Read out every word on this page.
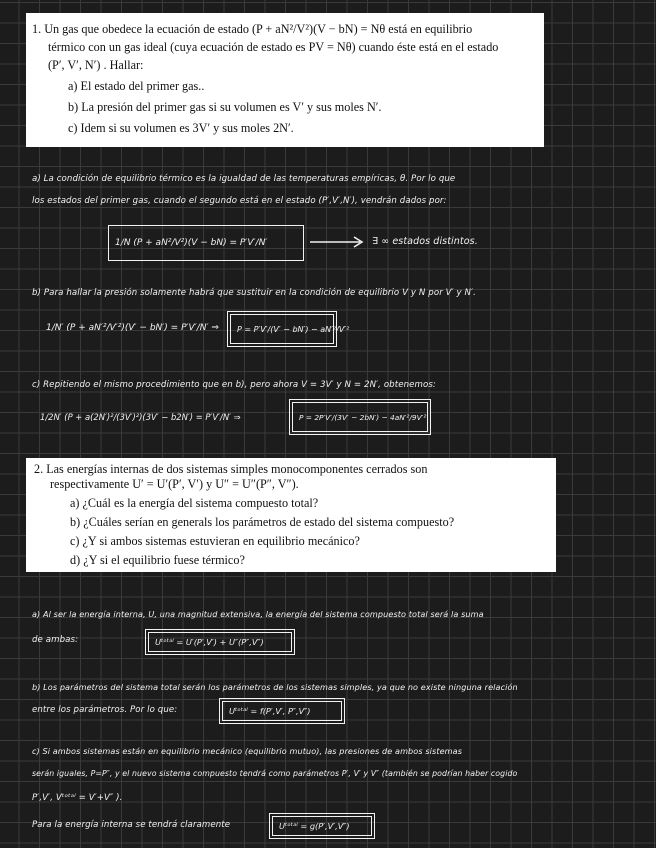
1. Un gas que obedece la ecuación de estado (P + aN²/V²)(V − bN) = Nθ está en equilibrio
térmico con un gas ideal (cuya ecuación de estado es PV = Nθ) cuando éste está en el estado
(P′, V′, N′) . Hallar:
a) El estado del primer gas..
b) La presión del primer gas si su volumen es V′ y sus moles N′.
c) Idem si su volumen es 3V′ y sus moles 2N′.
a) La condición de equilibrio térmico es la igualdad de las temperaturas empíricas, θ. Por lo que
los estados del primer gas, cuando el segundo está en el estado (P′,V′,N′), vendrán dados por:
1/N (P + aN²/V²)(V − bN) = P′V′/N′	∃ ∞ estados distintos.
b) Para hallar la presión solamente habrá que sustituir en la condición de equilibrio V y N por V′ y N′.
1/N′ (P + aN′²/V′²)(V′ − bN′) = P′V′/N′ ⇒ P = P′V′/(V′ − bN′) − aN′²/V′²
c) Repitiendo el mismo procedimiento que en b), pero ahora V = 3V′ y N = 2N′, obtenemos:
1/2N′ (P + a(2N′)²/(3V′)²)(3V′ − b2N′) = P′V′/N′ ⇒	P = 2P′V′/(3V′ − 2bN′) − 4aN′²/9V′²
2. Las energías internas de dos sistemas simples monocomponentes cerrados son
respectivamente U′ = U′(P′, V′) y U″ = U″(P″, V″).
a) ¿Cuál es la energía del sistema compuesto total?
b) ¿Cuáles serían en generals los parámetros de estado del sistema compuesto?
c) ¿Y si ambos sistemas estuvieran en equilibrio mecánico?
d) ¿Y si el equilibrio fuese térmico?
a) Al ser la energía interna, U, una magnitud extensiva, la energía del sistema compuesto total será la suma
de ambas:	Uᵗᵒᵗᵃˡ = U′(P′,V′) + U″(P″,V″)
b) Los parámetros del sistema total serán los parámetros de los sistemas simples, ya que no existe ninguna relación
entre los parámetros. Por lo que:	Uᵗᵒᵗᵃˡ = f(P′,V′, P″,V″)
c) Si ambos sistemas están en equilibrio mecánico (equilibrio mutuo), las presiones de ambos sistemas
serán iguales, P=P″, y el nuevo sistema compuesto tendrá como parámetros P′, V′ y V″ (también se podrían haber cogido
P′,V′, Vᵗᵒᵗᵃˡ = V′+V″ ).
Para la energía interna se tendrá claramente	Uᵗᵒᵗᵃˡ = g(P′,V′,V″)
